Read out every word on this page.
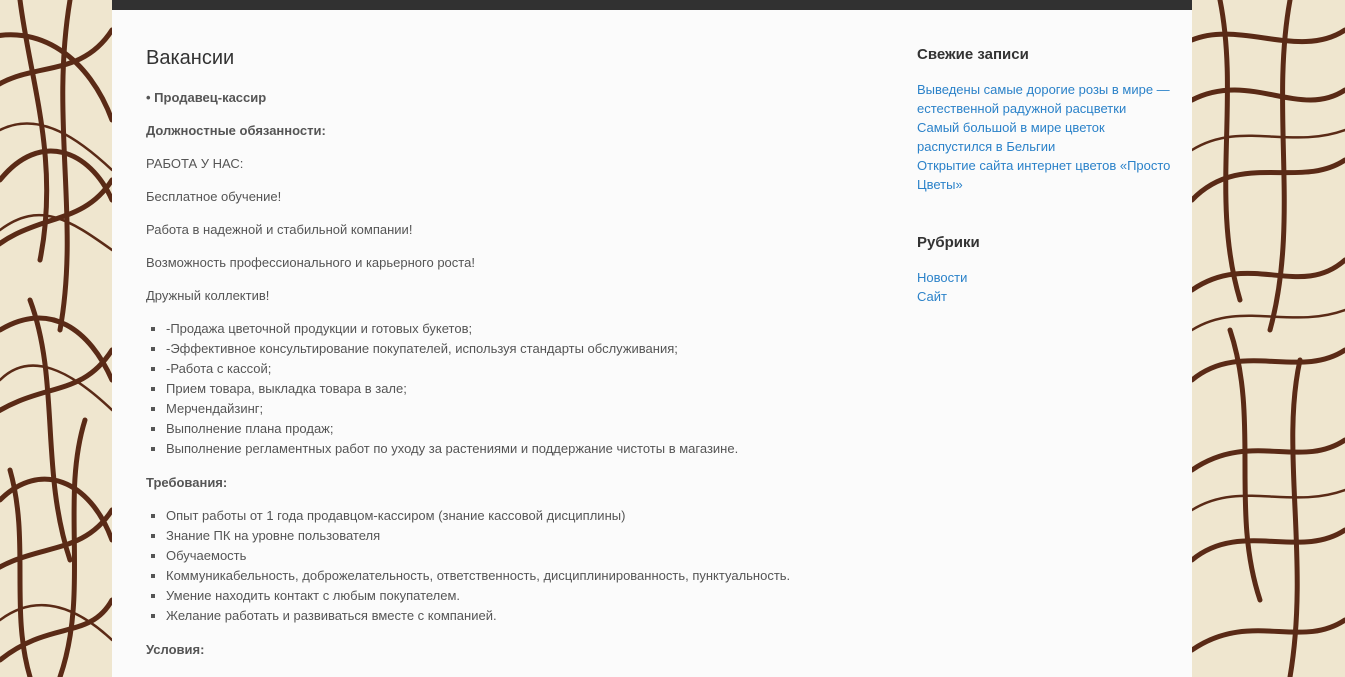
Вакансии

• Продавец-кассир

Должностные обязанности:

РАБОТА У НАС:

Бесплатное обучение!

Работа в надежной и стабильной компании!

Возможность профессионального и карьерного роста!

Дружный коллектив!

▪ -Продажа цветочной продукции и готовых букетов;
▪ -Эффективное консультирование покупателей, используя стандарты обслуживания;
▪ -Работа с кассой;
▪ Прием товара, выкладка товара в зале;
▪ Мерчендайзинг;
▪ Выполнение плана продаж;
▪ Выполнение регламентных работ по уходу за растениями и поддержание чистоты в магазине.

Требования:

▪ Опыт работы от 1 года продавцом-кассиром (знание кассовой дисциплины)
▪ Знание ПК на уровне пользователя
▪ Обучаемость
▪ Коммуникабельность, доброжелательность, ответственность, дисциплинированность, пунктуальность.
▪ Умение находить контакт с любым покупателем.
▪ Желание работать и развиваться вместе с компанией.

Условия:

Свежие записи
Выведены самые дорогие розы в мире — естественной радужной расцветки
Самый большой в мире цветок распустился в Бельгии
Открытие сайта интернет цветов «Просто Цветы»
Рубрики
Новости
Сайт
